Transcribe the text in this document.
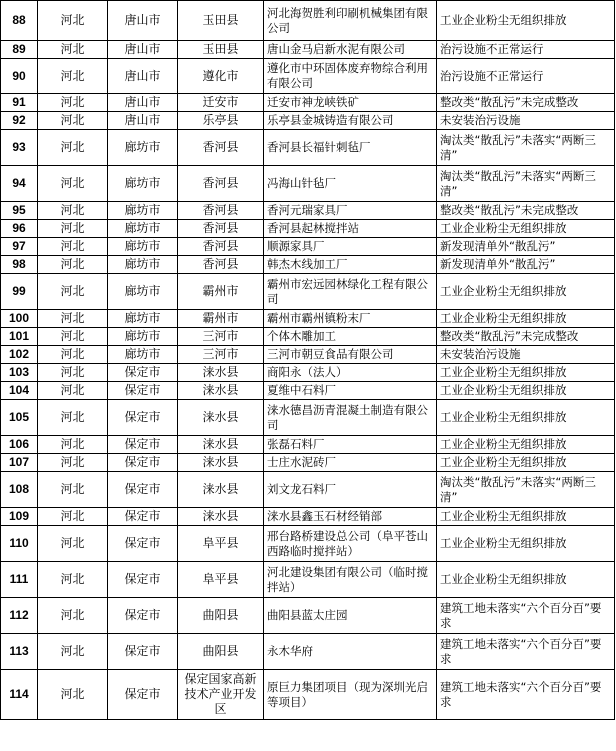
88	河北	唐山市	玉田县	河北海贺胜利印刷机械集团有限公司	工业企业粉尘无组织排放
89	河北	唐山市	玉田县	唐山金马启新水泥有限公司	治污设施不正常运行
90	河北	唐山市	遵化市	遵化市中环固体废弃物综合利用有限公司	治污设施不正常运行
91	河北	唐山市	迁安市	迁安市神龙峡铁矿	整改类“散乱污”未完成整改
92	河北	唐山市	乐亭县	乐亭县金城铸造有限公司	未安装治污设施
93	河北	廊坊市	香河县	香河县长福针刺毡厂	淘汰类“散乱污”未落实“两断三清”
94	河北	廊坊市	香河县	冯海山针毡厂	淘汰类“散乱污”未落实“两断三清”
95	河北	廊坊市	香河县	香河元瑞家具厂	整改类“散乱污”未完成整改
96	河北	廊坊市	香河县	香河县起林搅拌站	工业企业粉尘无组织排放
97	河北	廊坊市	香河县	顺源家具厂	新发现清单外“散乱污”
98	河北	廊坊市	香河县	韩杰木线加工厂	新发现清单外“散乱污”
99	河北	廊坊市	霸州市	霸州市宏远园林绿化工程有限公司	工业企业粉尘无组织排放
100	河北	廊坊市	霸州市	霸州市霸州镇粉末厂	工业企业粉尘无组织排放
101	河北	廊坊市	三河市	个体木雕加工	整改类“散乱污”未完成整改
102	河北	廊坊市	三河市	三河市朝豆食品有限公司	未安装治污设施
103	河北	保定市	涞水县	商阳永（法人）	工业企业粉尘无组织排放
104	河北	保定市	涞水县	夏维中石料厂	工业企业粉尘无组织排放
105	河北	保定市	涞水县	涞水德昌沥青混凝土制造有限公司	工业企业粉尘无组织排放
106	河北	保定市	涞水县	张磊石料厂	工业企业粉尘无组织排放
107	河北	保定市	涞水县	士庄水泥砖厂	工业企业粉尘无组织排放
108	河北	保定市	涞水县	刘文龙石料厂	淘汰类“散乱污”未落实“两断三清”
109	河北	保定市	涞水县	涞水县鑫玉石材经销部	工业企业粉尘无组织排放
110	河北	保定市	阜平县	邢台路桥建设总公司（阜平苍山西路临时搅拌站）	工业企业粉尘无组织排放
111	河北	保定市	阜平县	河北建设集团有限公司（临时搅拌站）	工业企业粉尘无组织排放
112	河北	保定市	曲阳县	曲阳县蓝太庄园	建筑工地未落实“六个百分百”要求
113	河北	保定市	曲阳县	永木华府	建筑工地未落实“六个百分百”要求
114	河北	保定市	保定国家高新技术产业开发区	原巨力集团项目（现为深圳光启等项目）	建筑工地未落实“六个百分百”要求
